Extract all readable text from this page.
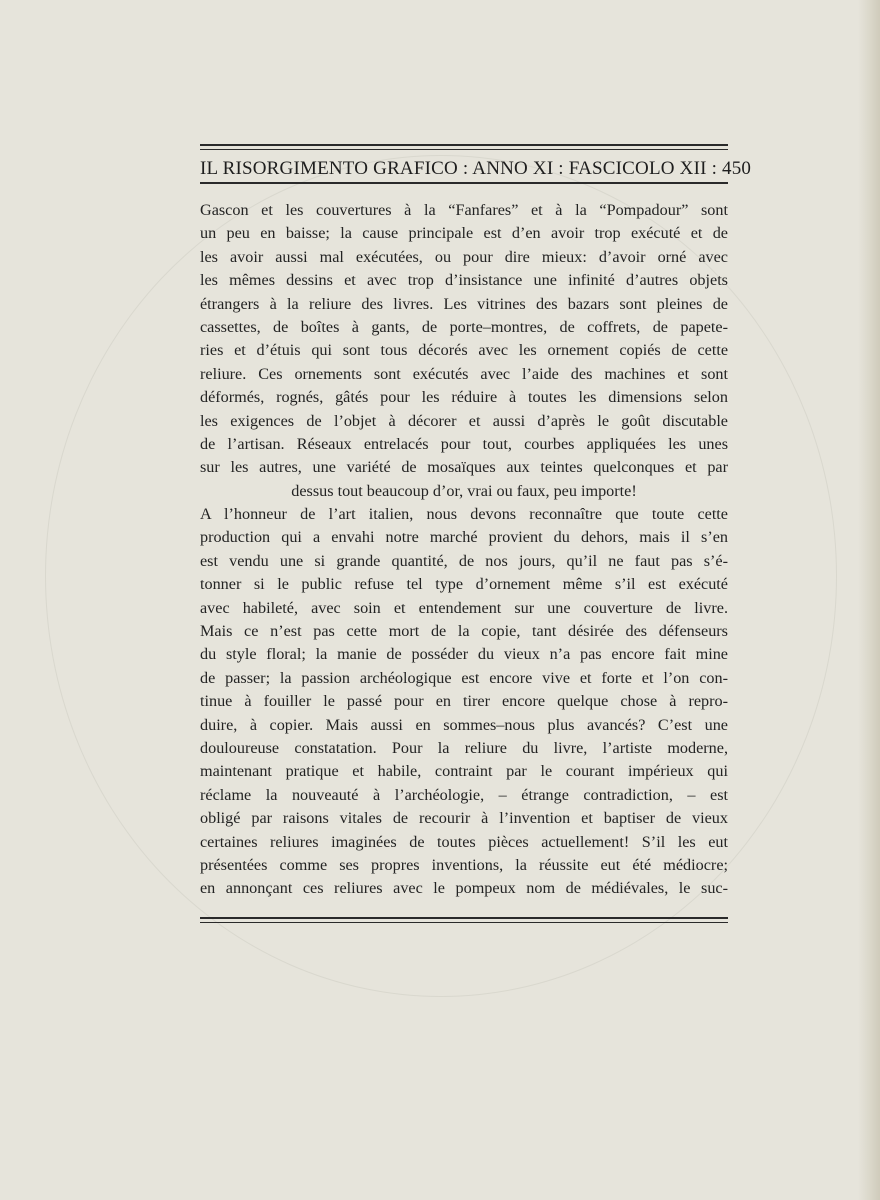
IL RISORGIMENTO GRAFICO : ANNO XI : FASCICOLO XII : 450
Gascon et les couvertures à la “Fanfares” et à la “Pompadour” sont
un peu en baisse; la cause principale est d’en avoir trop exécuté et de
les avoir aussi mal exécutées, ou pour dire mieux: d’avoir orné avec
les mêmes dessins et avec trop d’insistance une infinité d’autres objets
étrangers à la reliure des livres. Les vitrines des bazars sont pleines de
cassettes, de boîtes à gants, de porte–montres, de coffrets, de papete-
ries et d’étuis qui sont tous décorés avec les ornement copiés de cette
reliure. Ces ornements sont exécutés avec l’aide des machines et sont
déformés, rognés, gâtés pour les réduire à toutes les dimensions selon
les exigences de l’objet à décorer et aussi d’après le goût discutable
de l’artisan. Réseaux entrelacés pour tout, courbes appliquées les unes
sur les autres, une variété de mosaïques aux teintes quelconques et par
dessus tout beaucoup d’or, vrai ou faux, peu importe!
A l’honneur de l’art italien, nous devons reconnaître que toute cette
production qui a envahi notre marché provient du dehors, mais il s’en
est vendu une si grande quantité, de nos jours, qu’il ne faut pas s’é-
tonner si le public refuse tel type d’ornement même s’il est exécuté
avec habileté, avec soin et entendement sur une couverture de livre.
Mais ce n’est pas cette mort de la copie, tant désirée des défenseurs
du style floral; la manie de posséder du vieux n’a pas encore fait mine
de passer; la passion archéologique est encore vive et forte et l’on con-
tinue à fouiller le passé pour en tirer encore quelque chose à repro-
duire, à copier. Mais aussi en sommes–nous plus avancés? C’est une
douloureuse constatation. Pour la reliure du livre, l’artiste moderne,
maintenant pratique et habile, contraint par le courant impérieux qui
réclame la nouveauté à l’archéologie, – étrange contradiction, – est
obligé par raisons vitales de recourir à l’invention et baptiser de vieux
certaines reliures imaginées de toutes pièces actuellement! S’il les eut
présentées comme ses propres inventions, la réussite eut été médiocre;
en annonçant ces reliures avec le pompeux nom de médiévales, le suc-
